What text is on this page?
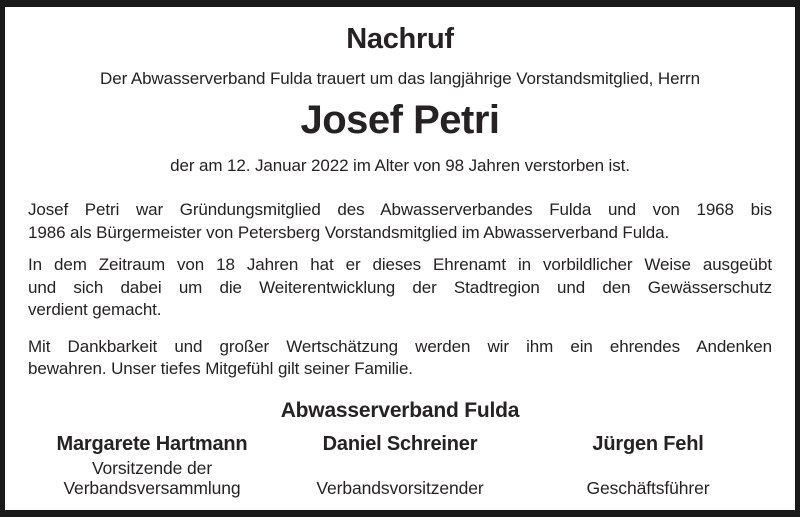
Nachruf

Der Abwasserverband Fulda trauert um das langjährige Vorstandsmitglied, Herrn

Josef Petri

der am 12. Januar 2022 im Alter von 98 Jahren verstorben ist.

Josef Petri war Gründungsmitglied des Abwasserverbandes Fulda und von 1968 bis
1986 als Bürgermeister von Petersberg Vorstandsmitglied im Abwasserverband Fulda.
In dem Zeitraum von 18 Jahren hat er dieses Ehrenamt in vorbildlicher Weise ausgeübt
und sich dabei um die Weiterentwicklung der Stadtregion und den Gewässerschutz
verdient gemacht.
Mit Dankbarkeit und großer Wertschätzung werden wir ihm ein ehrendes Andenken
bewahren. Unser tiefes Mitgefühl gilt seiner Familie.
Abwasserverband Fulda
Margarete Hartmann
Vorsitzende der Verbandsversammlung
Daniel Schreiner
Verbandsvorsitzender
Jürgen Fehl
Geschäftsführer
